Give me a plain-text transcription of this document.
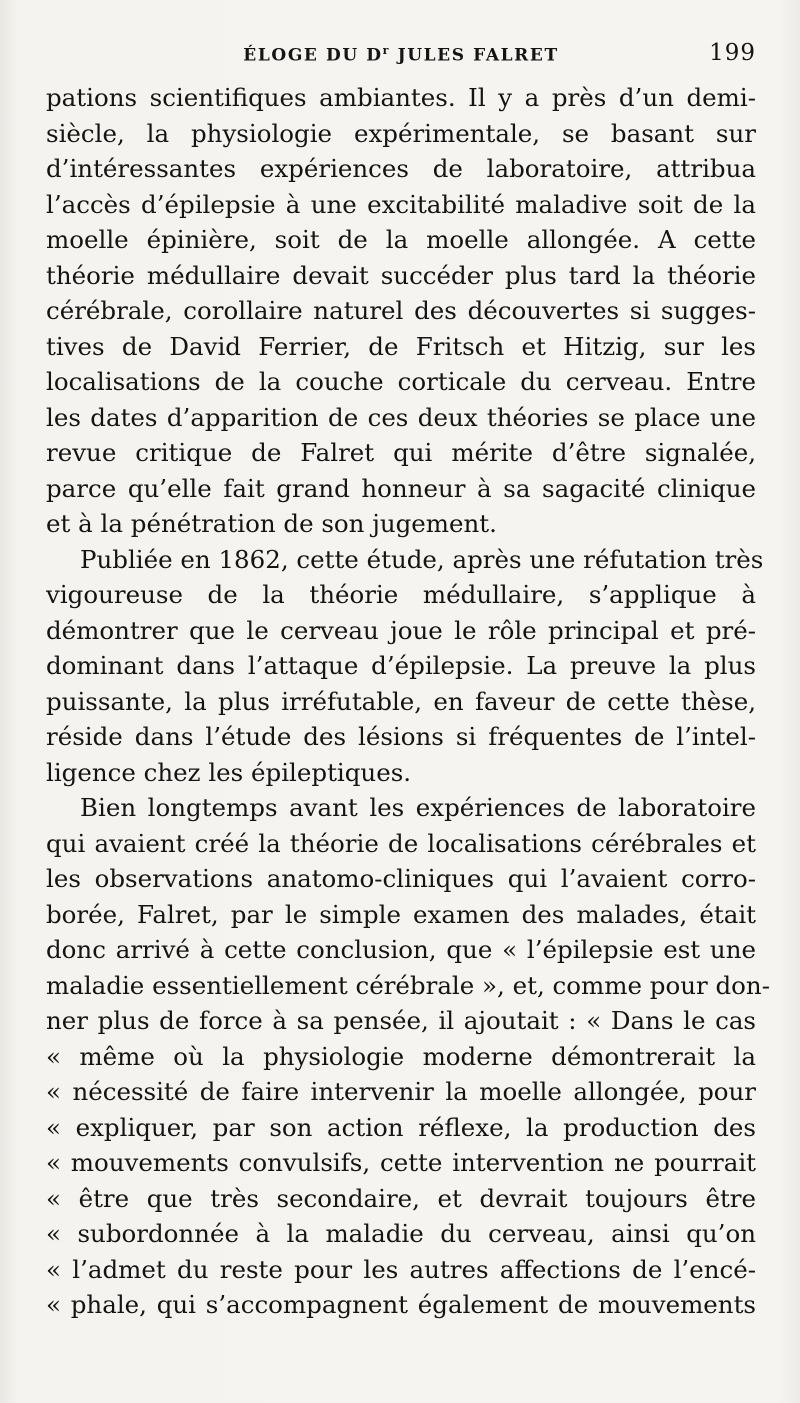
ÉLOGE DU $D^r$ JULES FALRET	199
pations scientifiques ambiantes. Il y a près d’un demi-
siècle, la physiologie expérimentale, se basant sur
d’intéressantes expériences de laboratoire, attribua
l’accès d’épilepsie à une excitabilité maladive soit de la
moelle épinière, soit de la moelle allongée. A cette
théorie médullaire devait succéder plus tard la théorie
cérébrale, corollaire naturel des découvertes si sugges-
tives de David Ferrier, de Fritsch et Hitzig, sur les
localisations de la couche corticale du cerveau. Entre
les dates d’apparition de ces deux théories se place une
revue critique de Falret qui mérite d’être signalée,
parce qu’elle fait grand honneur à sa sagacité clinique
et à la pénétration de son jugement.
Publiée en 1862, cette étude, après une réfutation très
vigoureuse de la théorie médullaire, s’applique à
démontrer que le cerveau joue le rôle principal et pré-
dominant dans l’attaque d’épilepsie. La preuve la plus
puissante, la plus irréfutable, en faveur de cette thèse,
réside dans l’étude des lésions si fréquentes de l’intel-
ligence chez les épileptiques.
Bien longtemps avant les expériences de laboratoire
qui avaient créé la théorie de localisations cérébrales et
les observations anatomo-cliniques qui l’avaient corro-
borée, Falret, par le simple examen des malades, était
donc arrivé à cette conclusion, que « l’épilepsie est une
maladie essentiellement cérébrale », et, comme pour don-
ner plus de force à sa pensée, il ajoutait : « Dans le cas
« même où la physiologie moderne démontrerait la
« nécessité de faire intervenir la moelle allongée, pour
« expliquer, par son action réflexe, la production des
« mouvements convulsifs, cette intervention ne pourrait
« être que très secondaire, et devrait toujours être
« subordonnée à la maladie du cerveau, ainsi qu’on
« l’admet du reste pour les autres affections de l’encé-
« phale, qui s’accompagnent également de mouvements
